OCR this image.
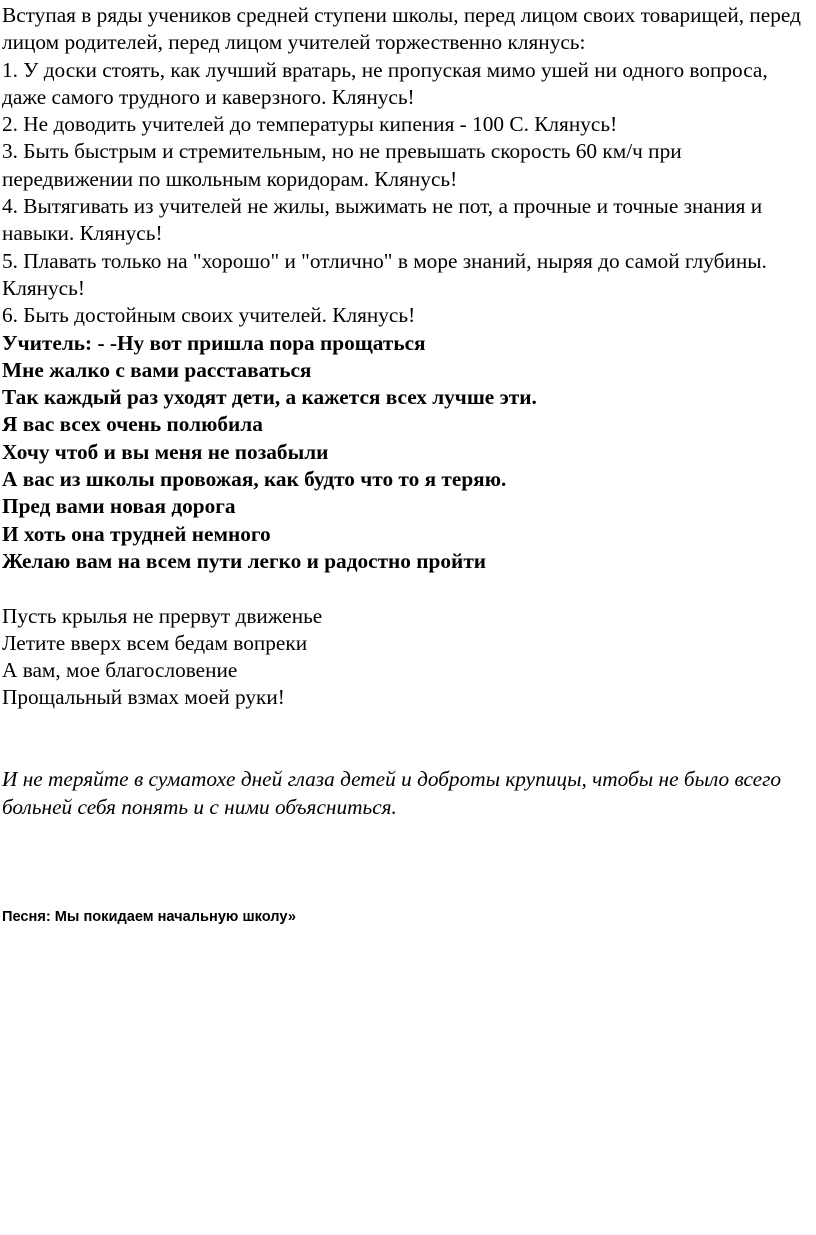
Вступая в ряды учеников средней ступени школы, перед лицом своих товарищей, перед лицом родителей, перед лицом учителей торжественно клянусь:

1. У доски стоять, как лучший вратарь, не пропуская мимо ушей ни одного вопроса, даже самого трудного и каверзного. Клянусь!

2. Не доводить учителей до температуры кипения - 100 С. Клянусь!

3. Быть быстрым и стремительным, но не превышать скорость 60 км/ч при передвижении по школьным коридорам. Клянусь!

4. Вытягивать из учителей не жилы, выжимать не пот, а прочные и точные знания и навыки. Клянусь!

5. Плавать только на "хорошо" и "отлично" в море знаний, ныряя до самой глубины. Клянусь!

6. Быть достойным своих учителей. Клянусь!

Учитель: - -Ну вот пришла пора прощаться

Мне жалко с вами расставаться

Так каждый раз уходят дети, а кажется всех лучше эти.

Я вас всех очень полюбила

Хочу чтоб и вы меня не позабыли

А вас из школы провожая, как будто что то я теряю.

Пред вами новая дорога

И хоть она трудней немного

Желаю вам на всем пути легко и радостно пройти

Пусть крылья не прервут движенье

Летите вверх всем бедам вопреки

А вам, мое благословение

Прощальный взмах моей руки!

И не теряйте в суматохе дней глаза детей и доброты крупицы, чтобы не было всего больней себя понять и с ними объясниться.

Песня: Мы покидаем начальную школу»
